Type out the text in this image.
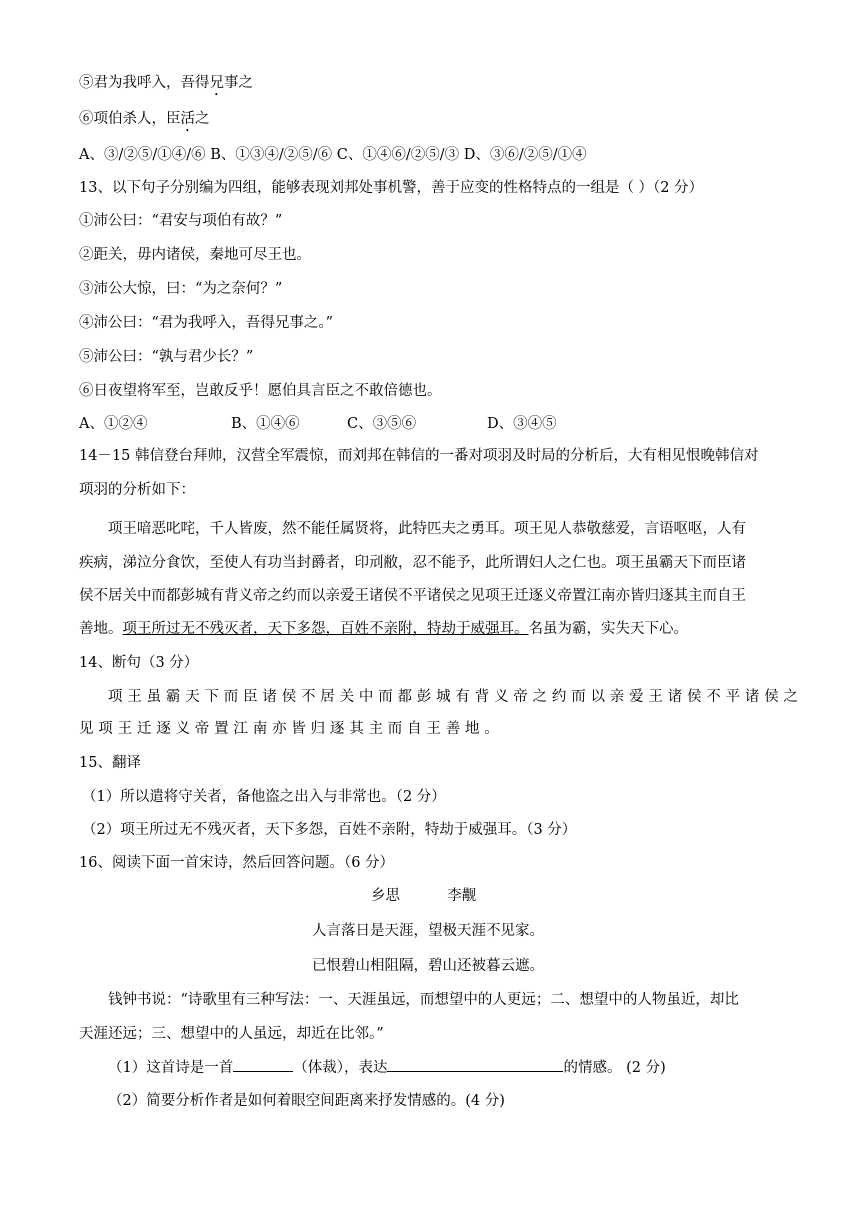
⑤君为我呼入，吾得兄事之
⑥项伯杀人，臣活之
A、③/②⑤/①④/⑥ B、①③④/②⑤/⑥ C、①④⑥/②⑤/③ D、③⑥/②⑤/①④
13、以下句子分别编为四组，能够表现刘邦处事机警，善于应变的性格特点的一组是（ ）（2 分）
①沛公曰：“君安与项伯有故？”
②距关，毋内诸侯，秦地可尽王也。
③沛公大惊，曰：“为之奈何？”
④沛公曰：“君为我呼入，吾得兄事之。”
⑤沛公曰：“孰与君少长？”
⑥日夜望将军至，岂敢反乎！愿伯具言臣之不敢倍德也。
A、①②④	B、①④⑥	C、③⑤⑥	D、③④⑤
14－15 韩信登台拜帅，汉营全军震惊，而刘邦在韩信的一番对项羽及时局的分析后，大有相见恨晚韩信对
项羽的分析如下：
项王喑恶叱咤，千人皆废，然不能任属贤将，此特匹夫之勇耳。项王见人恭敬慈爱，言语呕呕，人有
疾病，涕泣分食饮，至使人有功当封爵者，印刓敝，忍不能予，此所谓妇人之仁也。项王虽霸天下而臣诸
侯不居关中而都彭城有背义帝之约而以亲爱王诸侯不平诸侯之见项王迁逐义帝置江南亦皆归逐其主而自王
善地。项王所过无不残灭者，天下多怨，百姓不亲附，特劫于威强耳。名虽为霸，实失天下心。
14、断句（3 分）
项王虽霸天下而臣诸侯不居关中而都彭城有背义帝之约而以亲爱王诸侯不平诸侯之
见项王迁逐义帝置江南亦皆归逐其主而自王善地。
15、翻译
（1）所以遣将守关者，备他盗之出入与非常也。（2 分）
（2）项王所过无不残灭者，天下多怨，百姓不亲附，特劫于威强耳。（3 分）
16、阅读下面一首宋诗，然后回答问题。（6 分）
乡思	李觏
人言落日是天涯，望极天涯不见家。
已恨碧山相阻隔，碧山还被暮云遮。
钱钟书说：“诗歌里有三种写法：一、天涯虽远，而想望中的人更远；二、想望中的人物虽近，却比
天涯还远；三、想望中的人虽远，却近在比邻。”
（1）这首诗是一首	（体裁），表达	的情感。 (2 分)
（2）简要分析作者是如何着眼空间距离来抒发情感的。(4 分)
